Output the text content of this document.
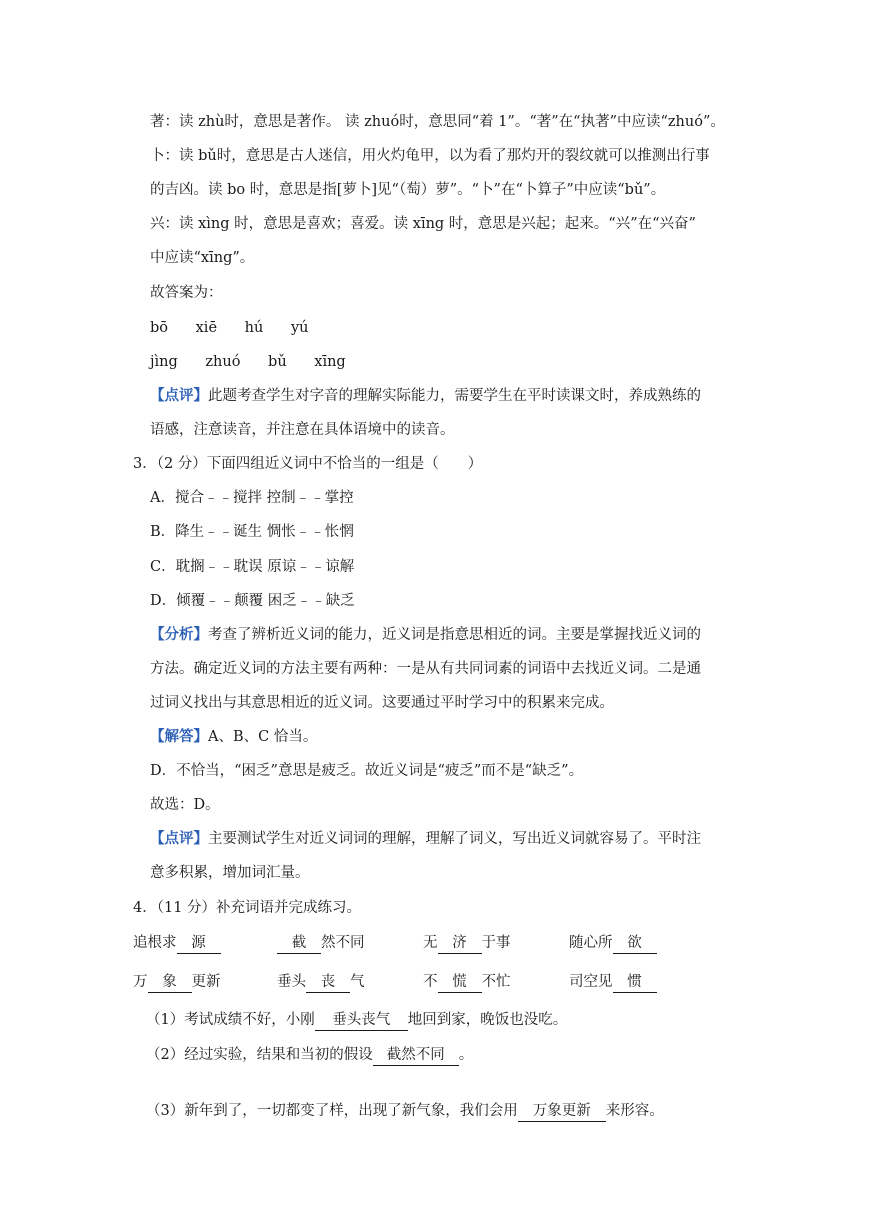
著：读 zhù时，意思是著作。 读 zhuó时，意思同“着 1”。“著”在“执著”中应读“zhuó”。
卜：读 bǔ时，意思是古人迷信，用火灼龟甲，以为看了那灼开的裂纹就可以推测出行事
的吉凶。读 bo 时，意思是指[萝卜]见“（萄）萝”。“卜”在“卜算子”中应读“bǔ”。
兴：读 xìng 时，意思是喜欢；喜爱。读 xīng 时，意思是兴起；起来。“兴”在“兴奋”
中应读“xīng”。
故答案为：
bō xiē hú yú
jìng zhuó bǔ xīng
【点评】此题考查学生对字音的理解实际能力，需要学生在平时读课文时，养成熟练的
语感，注意读音，并注意在具体语境中的读音。
3．（2 分）下面四组近义词中不恰当的一组是（　　）
A．搅合﹣﹣搅拌 控制﹣﹣掌控
B．降生﹣﹣诞生 惆怅﹣﹣怅惘
C．耽搁﹣﹣耽误 原谅﹣﹣谅解
D．倾覆﹣﹣颠覆 困乏﹣﹣缺乏
【分析】考查了辨析近义词的能力，近义词是指意思相近的词。主要是掌握找近义词的
方法。确定近义词的方法主要有两种：一是从有共同词素的词语中去找近义词。二是通
过词义找出与其意思相近的近义词。这要通过平时学习中的积累来完成。
【解答】A、B、C 恰当。
D．不恰当，“困乏”意思是疲乏。故近义词是“疲乏”而不是“缺乏”。
故选：D。
【点评】主要测试学生对近义词词的理解，理解了词义，写出近义词就容易了。平时注
意多积累，增加词汇量。
4．（11 分）补充词语并完成练习。
追根求 源	截 然不同	无 济 于事	随心所 欲
万 象 更新	垂头 丧 气	不 慌 不忙	司空见 惯
（1）考试成绩不好，小刚 垂头丧气 地回到家，晚饭也没吃。
（2）经过实验，结果和当初的假设 截然不同 。
（3）新年到了，一切都变了样，出现了新气象，我们会用 万象更新 来形容。
